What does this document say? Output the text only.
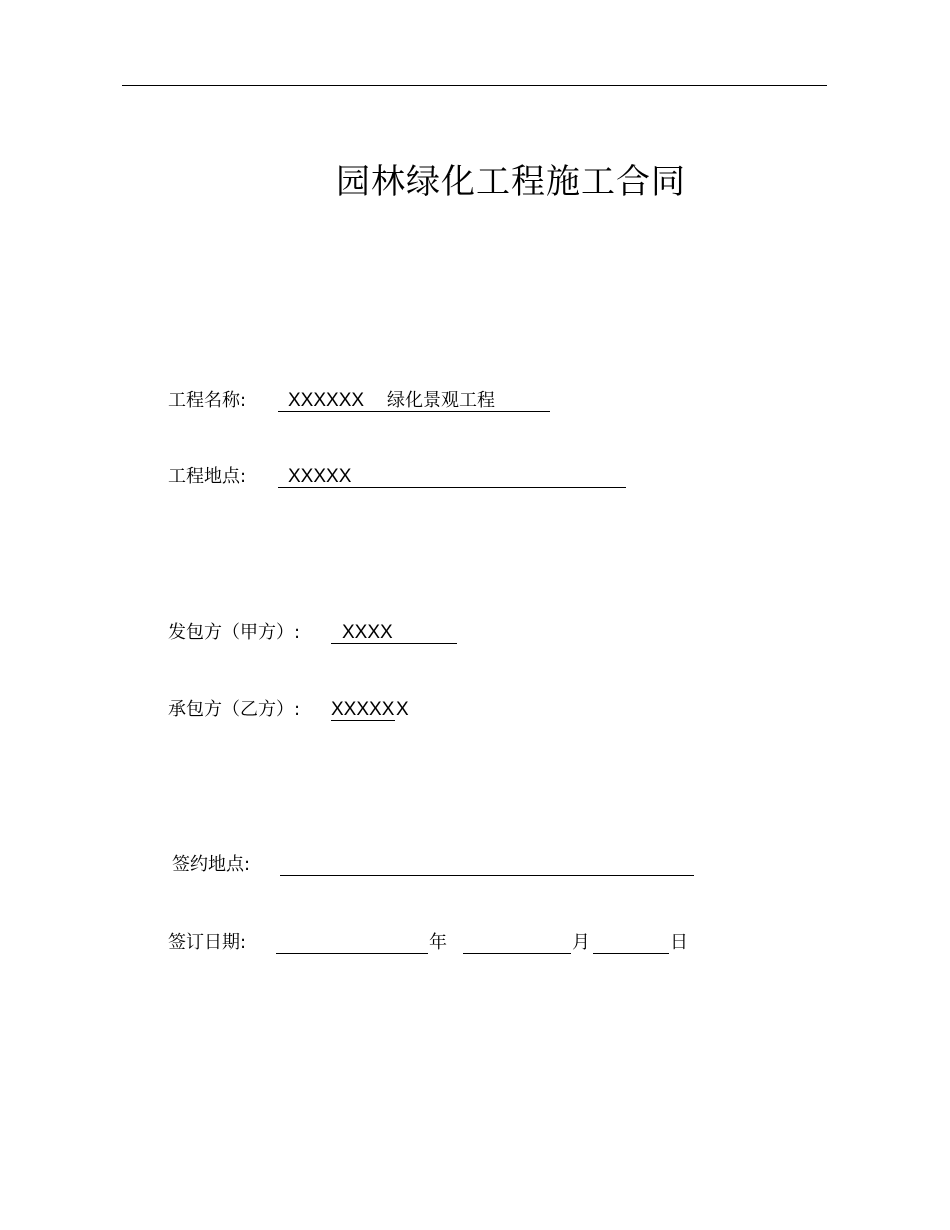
园林绿化工程施工合同
工程名称: XXXXXX 绿化景观工程
工程地点: XXXXX
发包方（甲方）: XXXX
承包方（乙方）: XXXXX X
签约地点:
签订日期:	年	月	日
